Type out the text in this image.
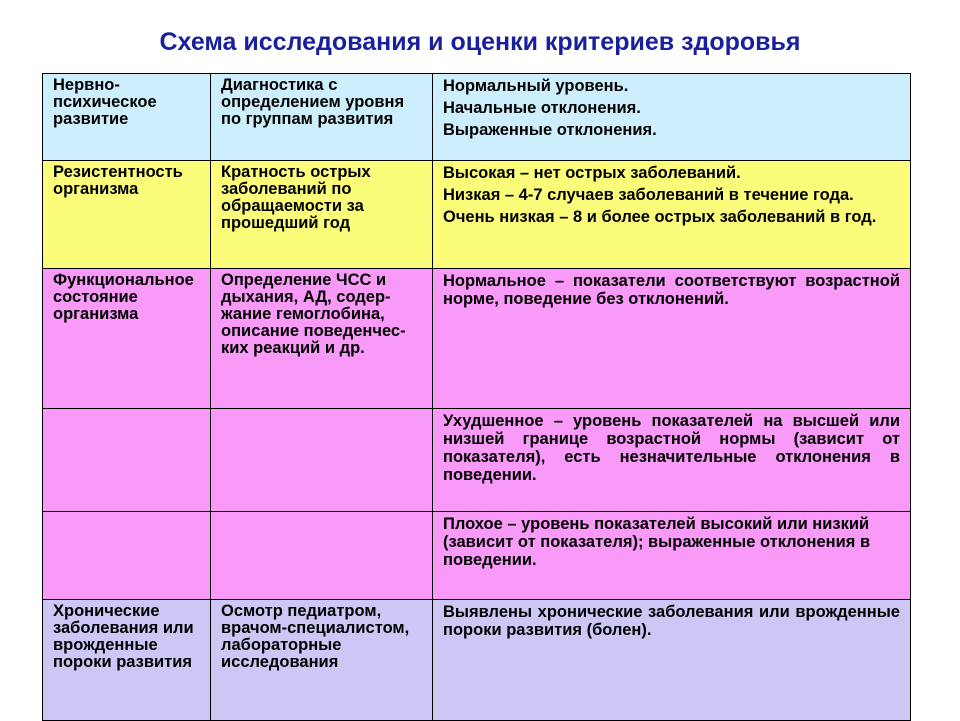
Схема исследования и оценки критериев здоровья
Нервно-психическое развитие	Диагностика с определением уровня по группам развития	Нормальный уровень.
Начальные отклонения.
Выраженные отклонения.

Резистентность организма	Кратность острых заболеваний по обращаемости за прошедший год	Высокая – нет острых заболеваний.
Низкая – 4-7 случаев заболеваний в течение года.
Очень низкая – 8 и более острых заболеваний в год.

Функциональное состояние организма	Определение ЧСС и дыхания, АД, содер-жание гемоглобина, описание поведенчес-ких реакций и др.	Нормальное – показатели соответствуют возрастной норме, поведение без отклонений.

		Ухудшенное – уровень показателей на высшей или низшей границе возрастной нормы (зависит от показателя), есть незначительные отклонения в поведении.

		Плохое – уровень показателей высокий или низкий (зависит от показателя); выраженные отклонения в поведении.

Хронические заболевания или врожденные пороки развития	Осмотр педиатром, врачом-специалистом, лабораторные исследования	Выявлены хронические заболевания или врожденные пороки развития (болен).
